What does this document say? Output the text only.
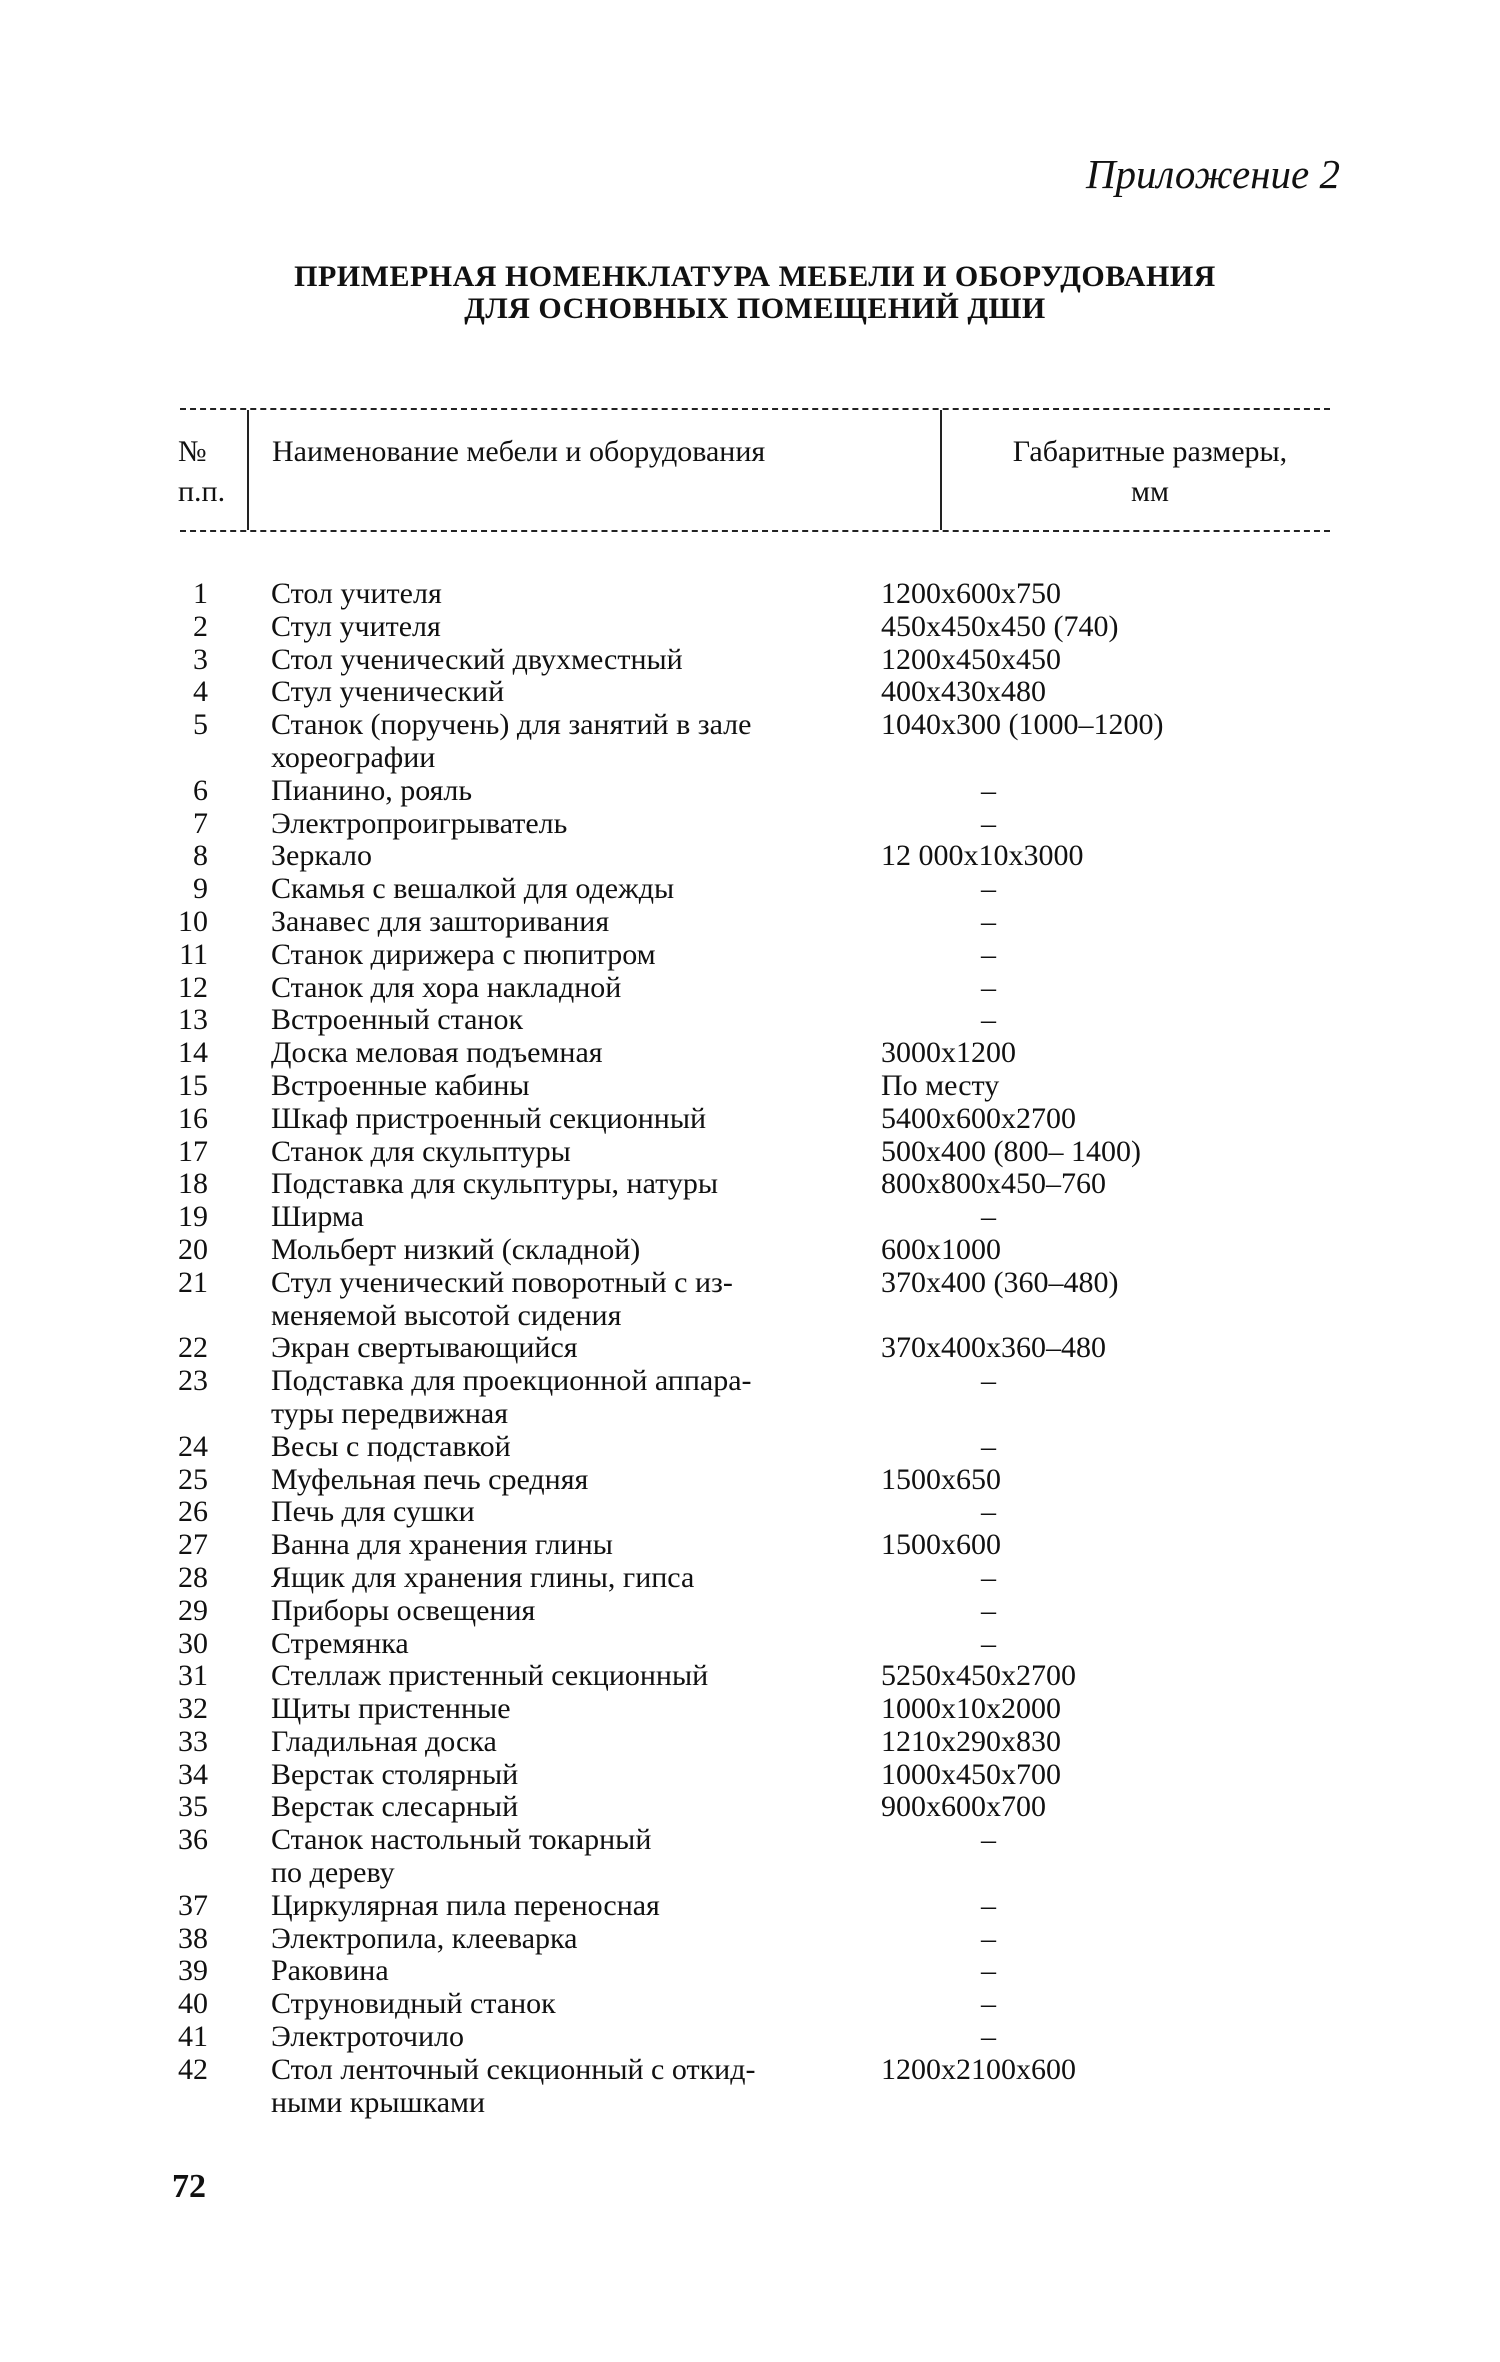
Приложение 2
ПРИМЕРНАЯ НОМЕНКЛАТУРА МЕБЕЛИ И ОБОРУДОВАНИЯ
ДЛЯ ОСНОВНЫХ ПОМЕЩЕНИЙ ДШИ
№
п.п.
Наименование мебели и оборудования	Габаритные размеры,
мм
1 Стол учителя	1200x600x750
2 Стул учителя	450x450x450 (740)
3 Стол ученический двухместный	1200x450x450
4 Стул ученический	400x430x480
5 Станок (поручень) для занятий в зале	1040x300 (1000–1200)
хореографии
6 Пианино, рояль	–
7 Электропроигрыватель	–
8 Зеркало	12 000x10x3000
9 Скамья с вешалкой для одежды	–
10 Занавес для зашторивания	–
11 Станок дирижера с пюпитром	–
12 Станок для хора накладной	–
13 Встроенный станок	–
14 Доска меловая подъемная	3000x1200
15 Встроенные кабины	По месту
16 Шкаф пристроенный секционный	5400x600x2700
17 Станок для скульптуры	500x400 (800– 1400)
18 Подставка для скульптуры, натуры	800x800x450–760
19 Ширма	–
20 Мольберт низкий (складной)	600x1000
21 Стул ученический поворотный с из-	370x400 (360–480)
меняемой высотой сидения
22 Экран свертывающийся	370x400x360–480
23 Подставка для проекционной аппара-	–
туры передвижная
24 Весы с подставкой	–
25 Муфельная печь средняя	1500x650
26 Печь для сушки	–
27 Ванна для хранения глины	1500x600
28 Ящик для хранения глины, гипса	–
29 Приборы освещения	–
30 Стремянка	–
31 Стеллаж пристенный секционный	5250x450x2700
32 Щиты пристенные	1000x10x2000
33 Гладильная доска	1210x290x830
34 Верстак столярный	1000x450x700
35 Верстак слесарный	900x600x700
36 Станок настольный токарный	–
по дереву
37 Циркулярная пила переносная	–
38 Электропила, клееварка	–
39 Раковина	–
40 Струновидный станок	–
41 Электроточило	–
42 Стол ленточный секционный с откид-	1200x2100x600
ными крышками
72
